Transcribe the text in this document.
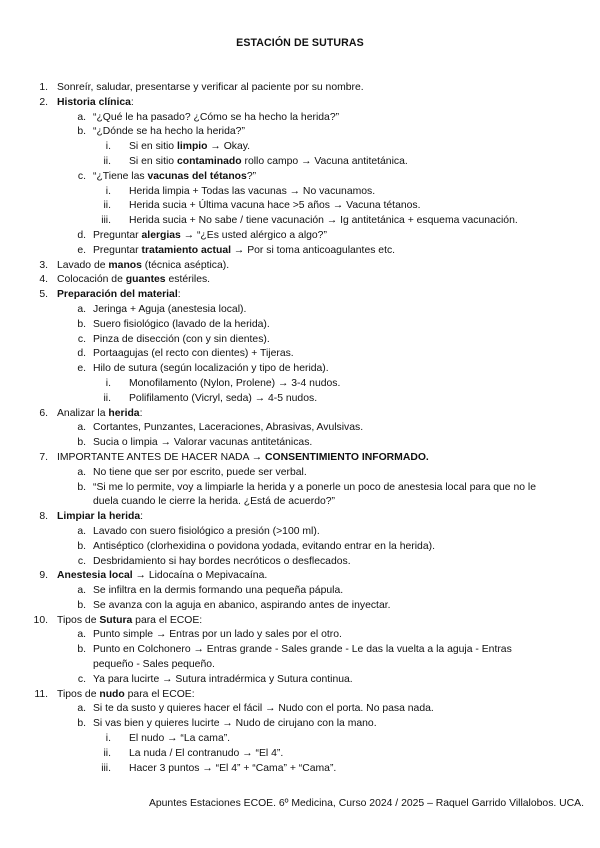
ESTACIÓN DE SUTURAS
1. Sonreír, saludar, presentarse y verificar al paciente por su nombre.
2. Historia clínica:
a. “¿Qué le ha pasado? ¿Cómo se ha hecho la herida?”
b. “¿Dónde se ha hecho la herida?”
i. Si en sitio limpio → Okay.
ii. Si en sitio contaminado rollo campo → Vacuna antitetánica.
c. “¿Tiene las vacunas del tétanos?”
i. Herida limpia + Todas las vacunas → No vacunamos.
ii. Herida sucia + Última vacuna hace >5 años → Vacuna tétanos.
iii. Herida sucia + No sabe / tiene vacunación → Ig antitetánica + esquema vacunación.
d. Preguntar alergias → “¿Es usted alérgico a algo?”
e. Preguntar tratamiento actual → Por si toma anticoagulantes etc.
3. Lavado de manos (técnica aséptica).
4. Colocación de guantes estériles.
5. Preparación del material:
a. Jeringa + Aguja (anestesia local).
b. Suero fisiológico (lavado de la herida).
c. Pinza de disección (con y sin dientes).
d. Portaagujas (el recto con dientes) + Tijeras.
e. Hilo de sutura (según localización y tipo de herida).
i. Monofilamento (Nylon, Prolene) → 3-4 nudos.
ii. Polifilamento (Vicryl, seda) → 4-5 nudos.
6. Analizar la herida:
a. Cortantes, Punzantes, Laceraciones, Abrasivas, Avulsivas.
b. Sucia o limpia → Valorar vacunas antitetánicas.
7. IMPORTANTE ANTES DE HACER NADA → CONSENTIMIENTO INFORMADO.
a. No tiene que ser por escrito, puede ser verbal.
b. “Si me lo permite, voy a limpiarle la herida y a ponerle un poco de anestesia local para que no le duela cuando le cierre la herida. ¿Está de acuerdo?”
8. Limpiar la herida:
a. Lavado con suero fisiológico a presión (>100 ml).
b. Antiséptico (clorhexidina o povidona yodada, evitando entrar en la herida).
c. Desbridamiento si hay bordes necróticos o desflecados.
9. Anestesia local → Lidocaína o Mepivacaína.
a. Se infiltra en la dermis formando una pequeña pápula.
b. Se avanza con la aguja en abanico, aspirando antes de inyectar.
10. Tipos de Sutura para el ECOE:
a. Punto simple → Entras por un lado y sales por el otro.
b. Punto en Colchonero → Entras grande - Sales grande - Le das la vuelta a la aguja - Entras pequeño - Sales pequeño.
c. Ya para lucirte → Sutura intradérmica y Sutura continua.
11. Tipos de nudo para el ECOE:
a. Si te da susto y quieres hacer el fácil → Nudo con el porta. No pasa nada.
b. Si vas bien y quieres lucirte → Nudo de cirujano con la mano.
i. El nudo → “La cama”.
ii. La nuda / El contranudo → “El 4”.
iii. Hacer 3 puntos → “El 4” + “Cama” + “Cama”.
Apuntes Estaciones ECOE. 6º Medicina, Curso 2024 / 2025 – Raquel Garrido Villalobos. UCA.
